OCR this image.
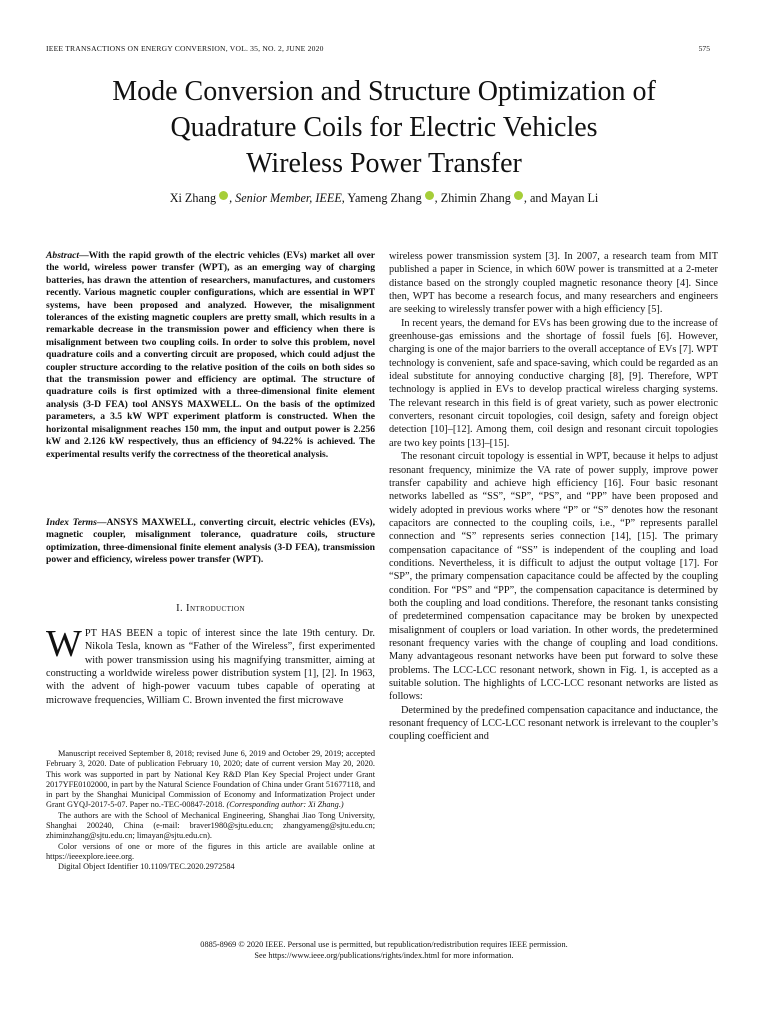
IEEE TRANSACTIONS ON ENERGY CONVERSION, VOL. 35, NO. 2, JUNE 2020	575
Mode Conversion and Structure Optimization of
Quadrature Coils for Electric Vehicles
Wireless Power Transfer
Xi Zhang , Senior Member, IEEE, Yameng Zhang , Zhimin Zhang , and Mayan Li
Abstract—With the rapid growth of the electric vehicles (EVs) market all over the world, wireless power transfer (WPT), as an emerging way of charging batteries, has drawn the attention of researchers, manufactures, and customers recently. Various magnetic coupler configurations, which are essential in WPT systems, have been proposed and analyzed. However, the misalignment tolerances of the existing magnetic couplers are pretty small, which results in a remarkable decrease in the transmission power and efficiency when there is misalignment between two coupling coils. In order to solve this problem, novel quadrature coils and a converting circuit are proposed, which could adjust the coupler structure according to the relative position of the coils on both sides so that the transmission power and efficiency are optimal. The structure of quadrature coils is first optimized with a three-dimensional finite element analysis (3-D FEA) tool ANSYS MAXWELL. On the basis of the optimized parameters, a 3.5 kW WPT experiment platform is constructed. When the horizontal misalignment reaches 150 mm, the input and output power is 2.256 kW and 2.126 kW respectively, thus an efficiency of 94.22% is achieved. The experimental results verify the correctness of the theoretical analysis.
Index Terms—ANSYS MAXWELL, converting circuit, electric vehicles (EVs), magnetic coupler, misalignment tolerance, quadrature coils, structure optimization, three-dimensional finite element analysis (3-D FEA), transmission power and efficiency, wireless power transfer (WPT).
I. Introduction
WPT HAS BEEN a topic of interest since the late 19th century. Dr. Nikola Tesla, known as “Father of the Wireless”, first experimented with power transmission using his magnifying transmitter, aiming at constructing a worldwide wireless power distribution system [1], [2]. In 1963, with the advent of high-power vacuum tubes capable of operating at microwave frequencies, William C. Brown invented the first microwave

Manuscript received September 8, 2018; revised June 6, 2019 and October 29, 2019; accepted February 3, 2020. Date of publication February 10, 2020; date of current version May 20, 2020. This work was supported in part by National Key R&D Plan Key Special Project under Grant 2017YFE0102000, in part by the Natural Science Foundation of China under Grant 51677118, and in part by the Shanghai Municipal Commission of Economy and Informatization Project under Grant GYQJ-2017-5-07. Paper no.-TEC-00847-2018. (Corresponding author: Xi Zhang.)

The authors are with the School of Mechanical Engineering, Shanghai Jiao Tong University, Shanghai 200240, China (e-mail: braver1980@sjtu.edu.cn; zhangyameng@sjtu.edu.cn; zhiminzhang@sjtu.edu.cn; limayan@sjtu.edu.cn).

Color versions of one or more of the figures in this article are available online at https://ieeexplore.ieee.org.

Digital Object Identifier 10.1109/TEC.2020.2972584

wireless power transmission system [3]. In 2007, a research team from MIT published a paper in Science, in which 60W power is transmitted at a 2-meter distance based on the strongly coupled magnetic resonance theory [4]. Since then, WPT has become a research focus, and many researchers and engineers are seeking to wirelessly transfer power with a high efficiency [5].

In recent years, the demand for EVs has been growing due to the increase of greenhouse-gas emissions and the shortage of fossil fuels [6]. However, charging is one of the major barriers to the overall acceptance of EVs [7]. WPT technology is convenient, safe and space-saving, which could be regarded as an ideal substitute for annoying conductive charging [8], [9]. Therefore, WPT technology is applied in EVs to develop practical wireless charging systems. The relevant research in this field is of great variety, such as power electronic converters, resonant circuit topologies, coil design, safety and foreign object detection [10]–[12]. Among them, coil design and resonant circuit topologies are two key points [13]–[15].

The resonant circuit topology is essential in WPT, because it helps to adjust resonant frequency, minimize the VA rate of power supply, improve power transfer capability and achieve high efficiency [16]. Four basic resonant networks labelled as “SS”, “SP”, “PS”, and “PP” have been proposed and widely adopted in previous works where “P” or “S” denotes how the resonant capacitors are connected to the coupling coils, i.e., “P” represents parallel connection and “S” represents series connection [14], [15]. The primary compensation capacitance of “SS” is independent of the coupling and load conditions. Nevertheless, it is difficult to adjust the output voltage [17]. For “SP”, the primary compensation capacitance could be affected by the coupling condition. For “PS” and “PP”, the compensation capacitance is determined by both the coupling and load conditions. Therefore, the resonant tanks consisting of predetermined compensation capacitance may be broken by unexpected misalignment of couplers or load variation. In other words, the predetermined resonant frequency varies with the change of coupling and load conditions. Many advantageous resonant networks have been put forward to solve these problems. The LCC-LCC resonant network, shown in Fig. 1, is accepted as a suitable solution. The highlights of LCC-LCC resonant networks are listed as follows:

Determined by the predefined compensation capacitance and inductance, the resonant frequency of LCC-LCC resonant network is irrelevant to the coupler’s coupling coefficient and

0885-8969 © 2020 IEEE. Personal use is permitted, but republication/redistribution requires IEEE permission.
See https://www.ieee.org/publications/rights/index.html for more information.
